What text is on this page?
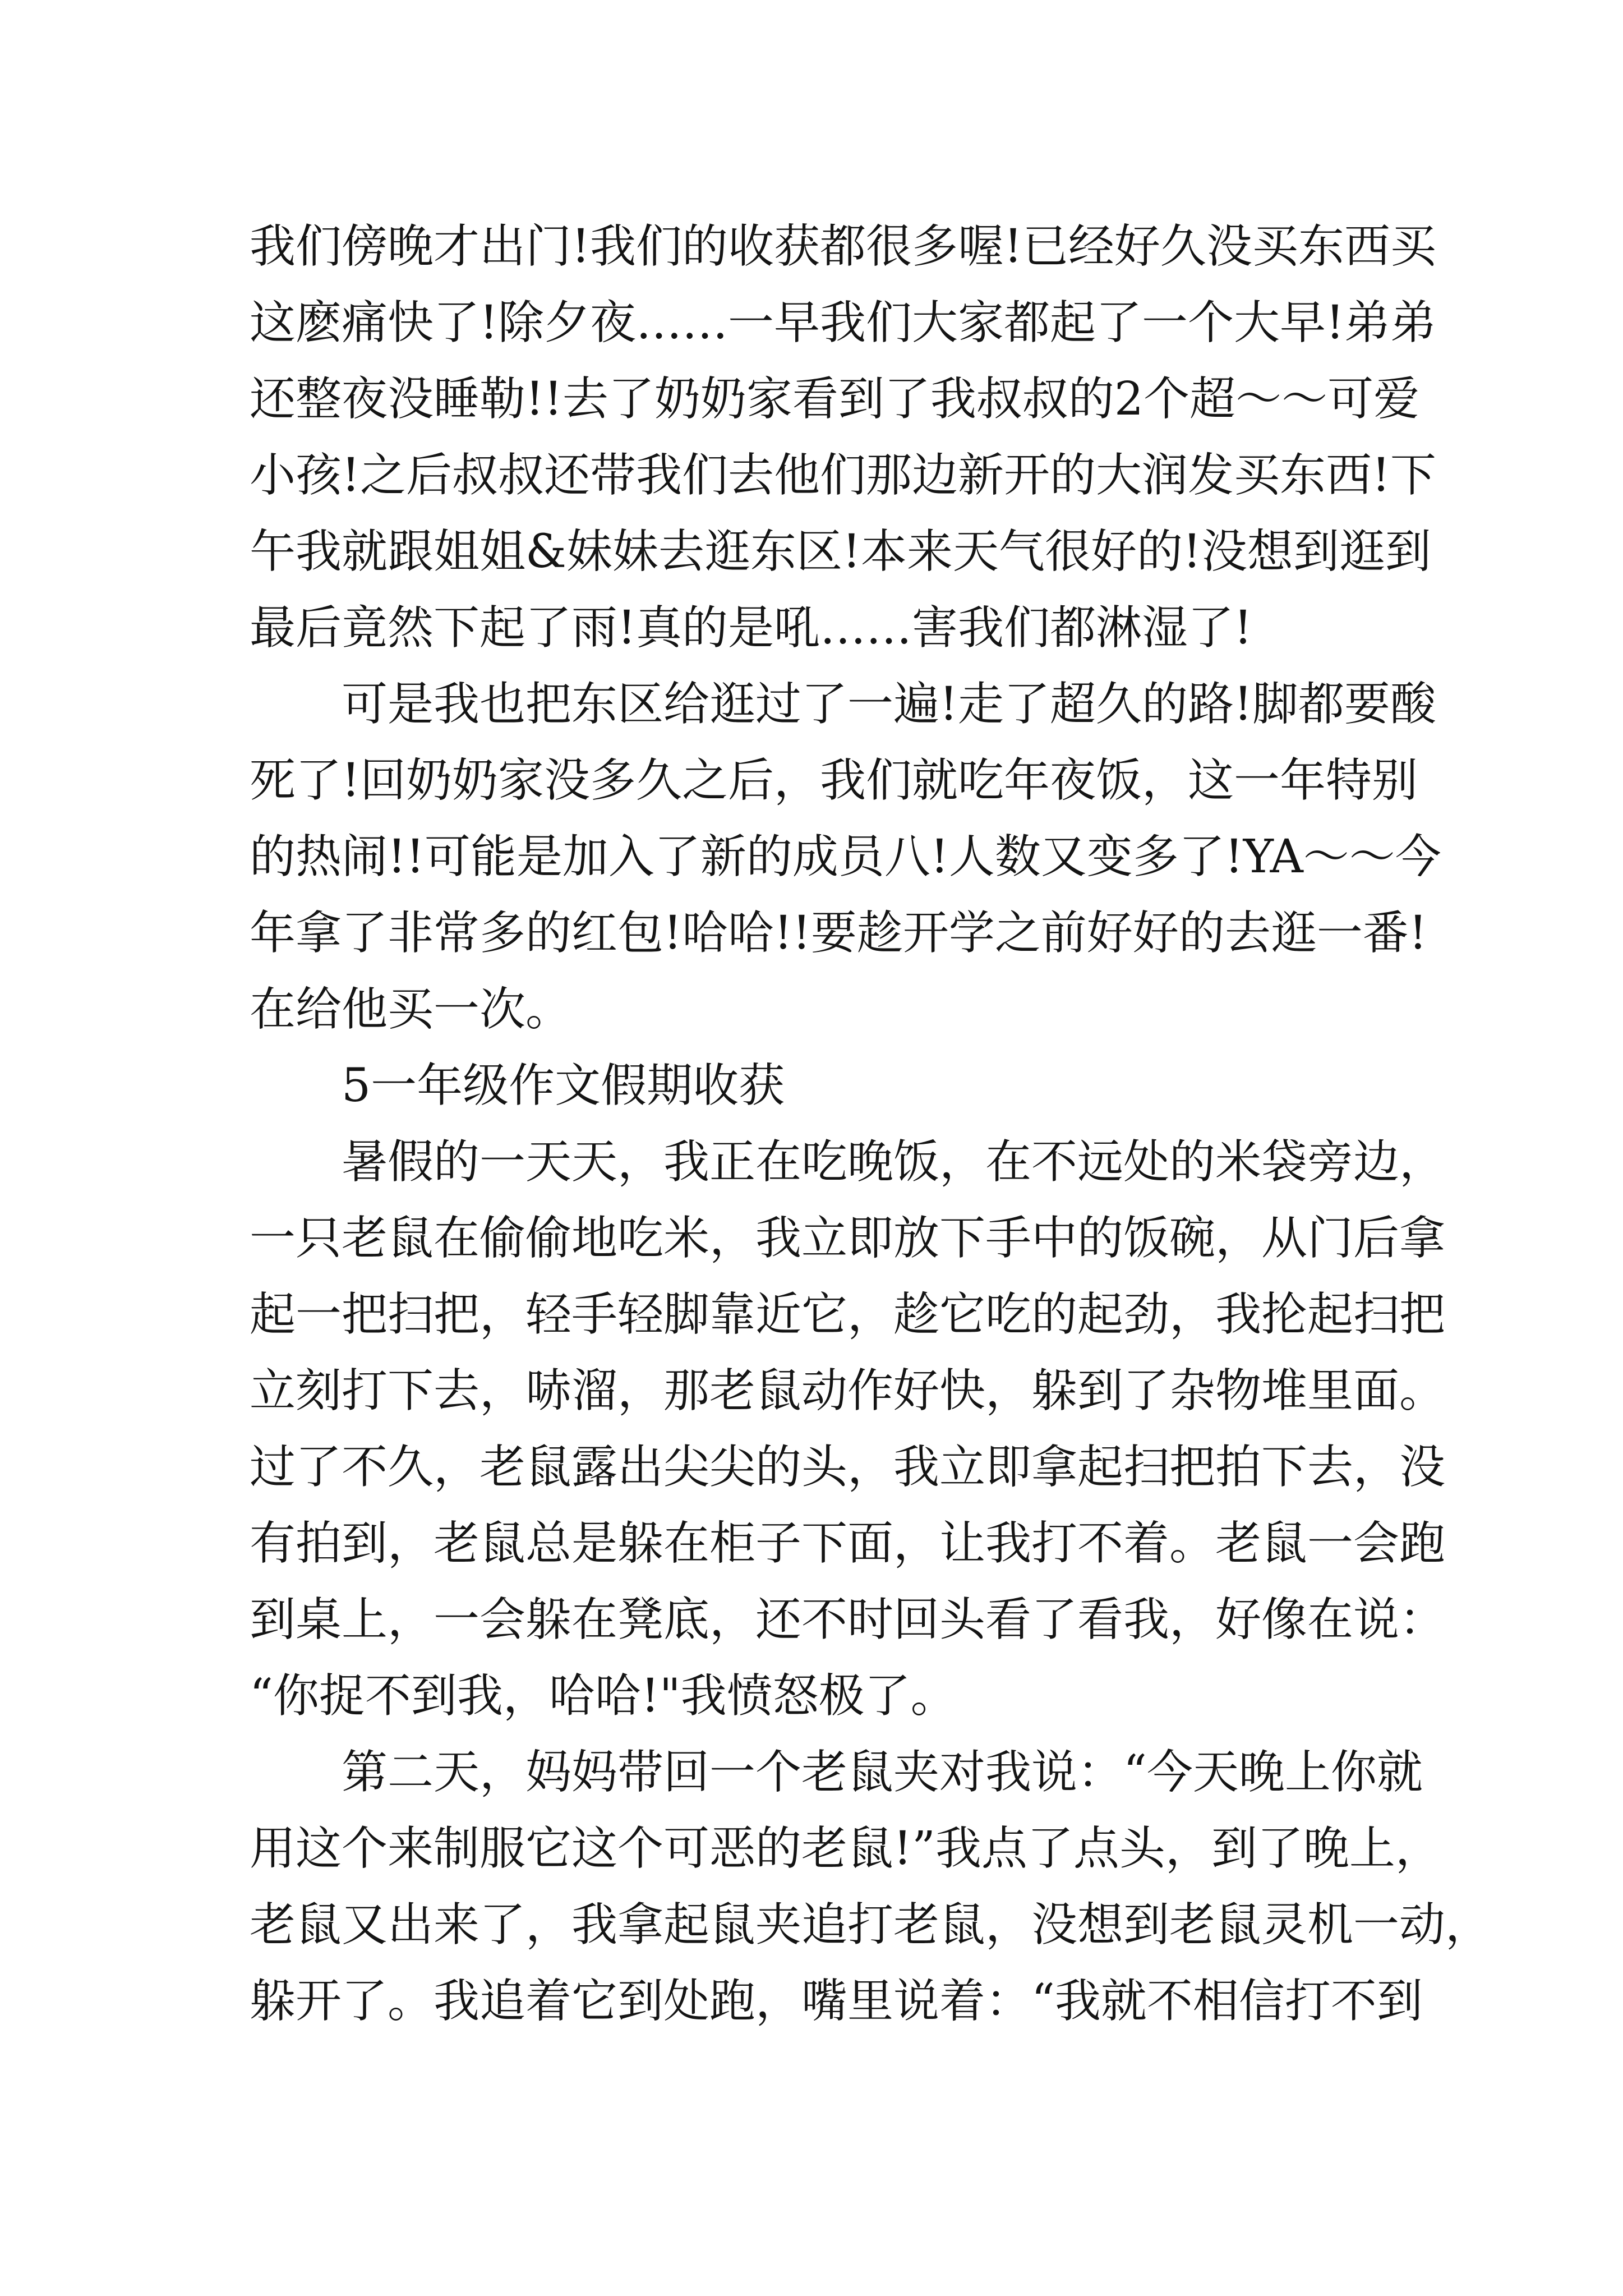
我们傍晚才出门!我们的收获都很多喔!已经好久没买东西买
这麽痛快了!除夕夜……一早我们大家都起了一个大早!弟弟
还整夜没睡勒!!去了奶奶家看到了我叔叔的2个超～～可爱
小孩!之后叔叔还带我们去他们那边新开的大润发买东西!下
午我就跟姐姐&妹妹去逛东区!本来天气很好的!没想到逛到
最后竟然下起了雨!真的是吼……害我们都淋湿了!

可是我也把东区给逛过了一遍!走了超久的路!脚都要酸
死了!回奶奶家没多久之后，我们就吃年夜饭，这一年特别
的热闹!!可能是加入了新的成员八!人数又变多了!YA～～今
年拿了非常多的红包!哈哈!!要趁开学之前好好的去逛一番!
在给他买一次。

5一年级作文假期收获

暑假的一天天，我正在吃晚饭，在不远处的米袋旁边，
一只老鼠在偷偷地吃米，我立即放下手中的饭碗，从门后拿
起一把扫把，轻手轻脚靠近它，趁它吃的起劲，我抡起扫把
立刻打下去，哧溜，那老鼠动作好快，躲到了杂物堆里面。
过了不久，老鼠露出尖尖的头，我立即拿起扫把拍下去，没
有拍到，老鼠总是躲在柜子下面，让我打不着。老鼠一会跑
到桌上，一会躲在凳底，还不时回头看了看我，好像在说：
“你捉不到我，哈哈!"我愤怒极了。

第二天，妈妈带回一个老鼠夹对我说：“今天晚上你就
用这个来制服它这个可恶的老鼠!”我点了点头，到了晚上，
老鼠又出来了，我拿起鼠夹追打老鼠，没想到老鼠灵机一动，
躲开了。我追着它到处跑，嘴里说着：“我就不相信打不到
